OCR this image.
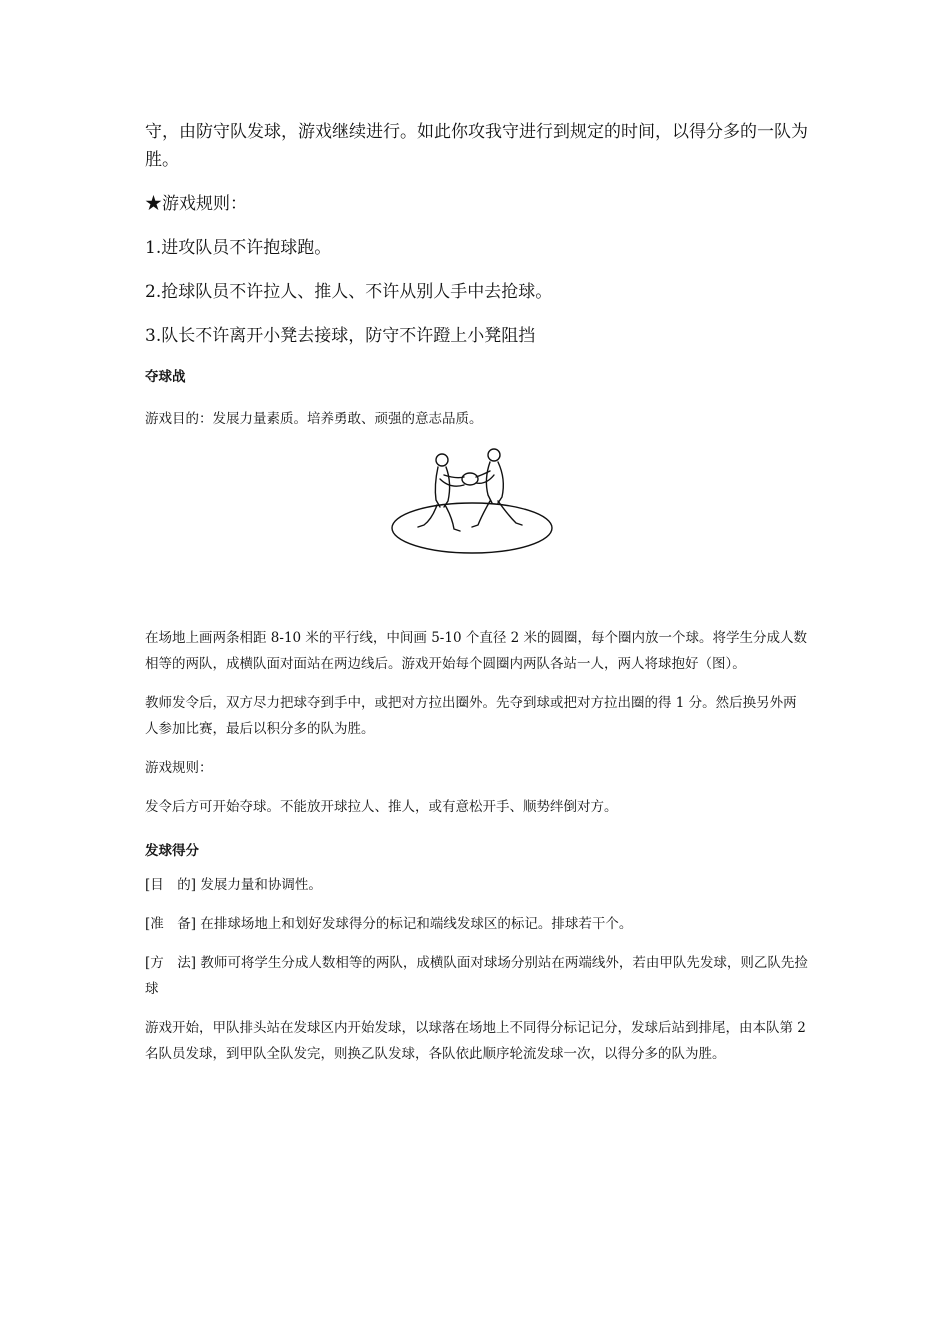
守，由防守队发球，游戏继续进行。如此你攻我守进行到规定的时间，以得分多的一队为胜。

★游戏规则：

1.进攻队员不许抱球跑。

2.抢球队员不许拉人、推人、不许从别人手中去抢球。

3.队长不许离开小凳去接球，防守不许蹬上小凳阻挡

夺球战

游戏目的：发展力量素质。培养勇敢、顽强的意志品质。

在场地上画两条相距 8-10 米的平行线，中间画 5-10 个直径 2 米的圆圈，每个圈内放一个球。将学生分成人数相等的两队，成横队面对面站在两边线后。游戏开始每个圆圈内两队各站一人，两人将球抱好（图）。

教师发令后，双方尽力把球夺到手中，或把对方拉出圈外。先夺到球或把对方拉出圈的得 1 分。然后换另外两人参加比赛，最后以积分多的队为胜。

游戏规则：

发令后方可开始夺球。不能放开球拉人、推人，或有意松开手、顺势绊倒对方。

发球得分

[目　的] 发展力量和协调性。

[准　备] 在排球场地上和划好发球得分的标记和端线发球区的标记。排球若干个。

[方　法] 教师可将学生分成人数相等的两队，成横队面对球场分别站在两端线外，若由甲队先发球，则乙队先捡球

游戏开始，甲队排头站在发球区内开始发球，以球落在场地上不同得分标记记分，发球后站到排尾，由本队第 2 名队员发球，到甲队全队发完，则换乙队发球，各队依此顺序轮流发球一次，以得分多的队为胜。
